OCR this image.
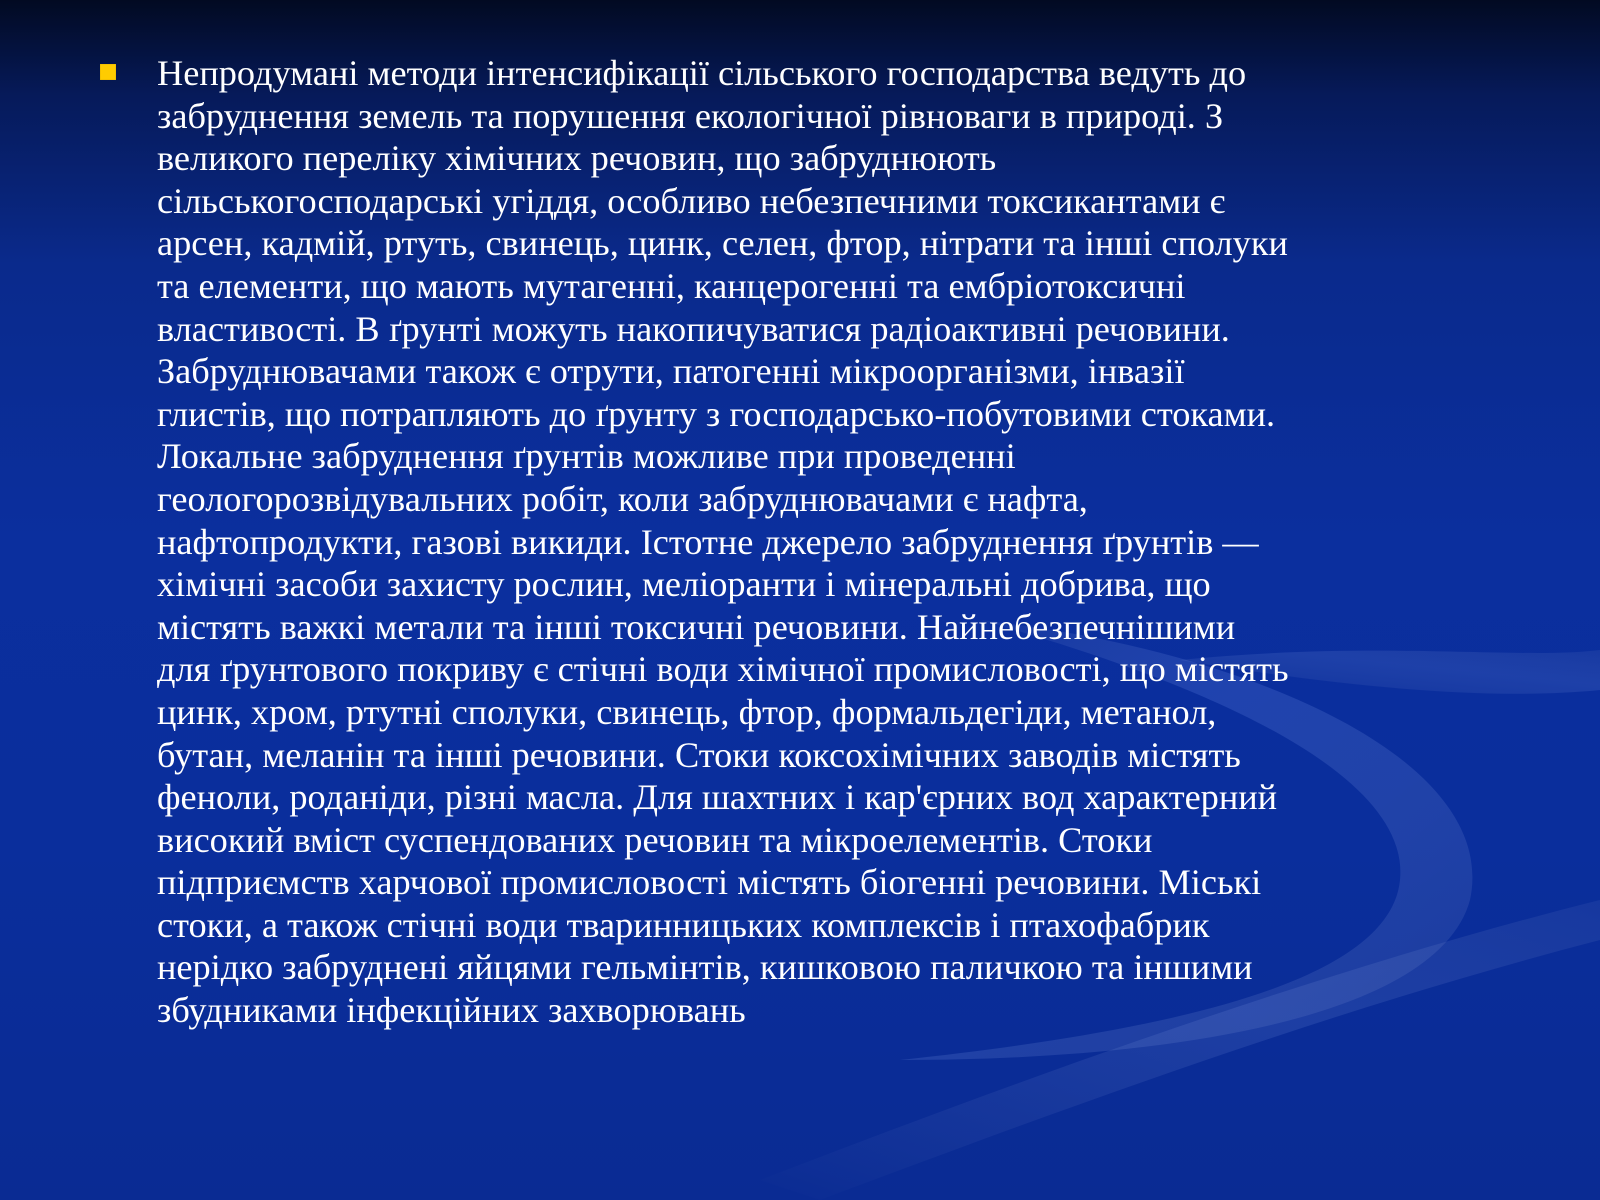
Непродумані методи інтенсифікації сільського господарства ведуть до
забруднення земель та порушення екологічної рівноваги в природі. З
великого переліку хімічних речовин, що забруднюють
сільськогосподарські угіддя, особливо небезпечними токсикантами є
арсен, кадмій, ртуть, свинець, цинк, селен, фтор, нітрати та інші сполуки
та елементи, що мають мутагенні, канцерогенні та ембріотоксичні
властивості. В ґрунті можуть накопичуватися радіоактивні речовини.
Забруднювачами також є отрути, патогенні мікроорганізми, інвазії
глистів, що потрапляють до ґрунту з господарсько-побутовими стоками.
Локальне забруднення ґрунтів можливе при проведенні
геологорозвідувальних робіт, коли забруднювачами є нафта,
нафтопродукти, газові викиди. Істотне джерело забруднення ґрунтів —
хімічні засоби захисту рослин, меліоранти і мінеральні добрива, що
містять важкі метали та інші токсичні речовини. Найнебезпечнішими
для ґрунтового покриву є стічні води хімічної промисловості, що містять
цинк, хром, ртутні сполуки, свинець, фтор, формальдегіди, метанол,
бутан, меланін та інші речовини. Стоки коксохімічних заводів містять
феноли, роданіди, різні масла. Для шахтних і кар'єрних вод характерний
високий вміст суспендованих речовин та мікроелементів. Стоки
підприємств харчової промисловості містять біогенні речовини. Міські
стоки, а також стічні води тваринницьких комплексів і птахофабрик
нерідко забруднені яйцями гельмінтів, кишковою паличкою та іншими
збудниками інфекційних захворювань
